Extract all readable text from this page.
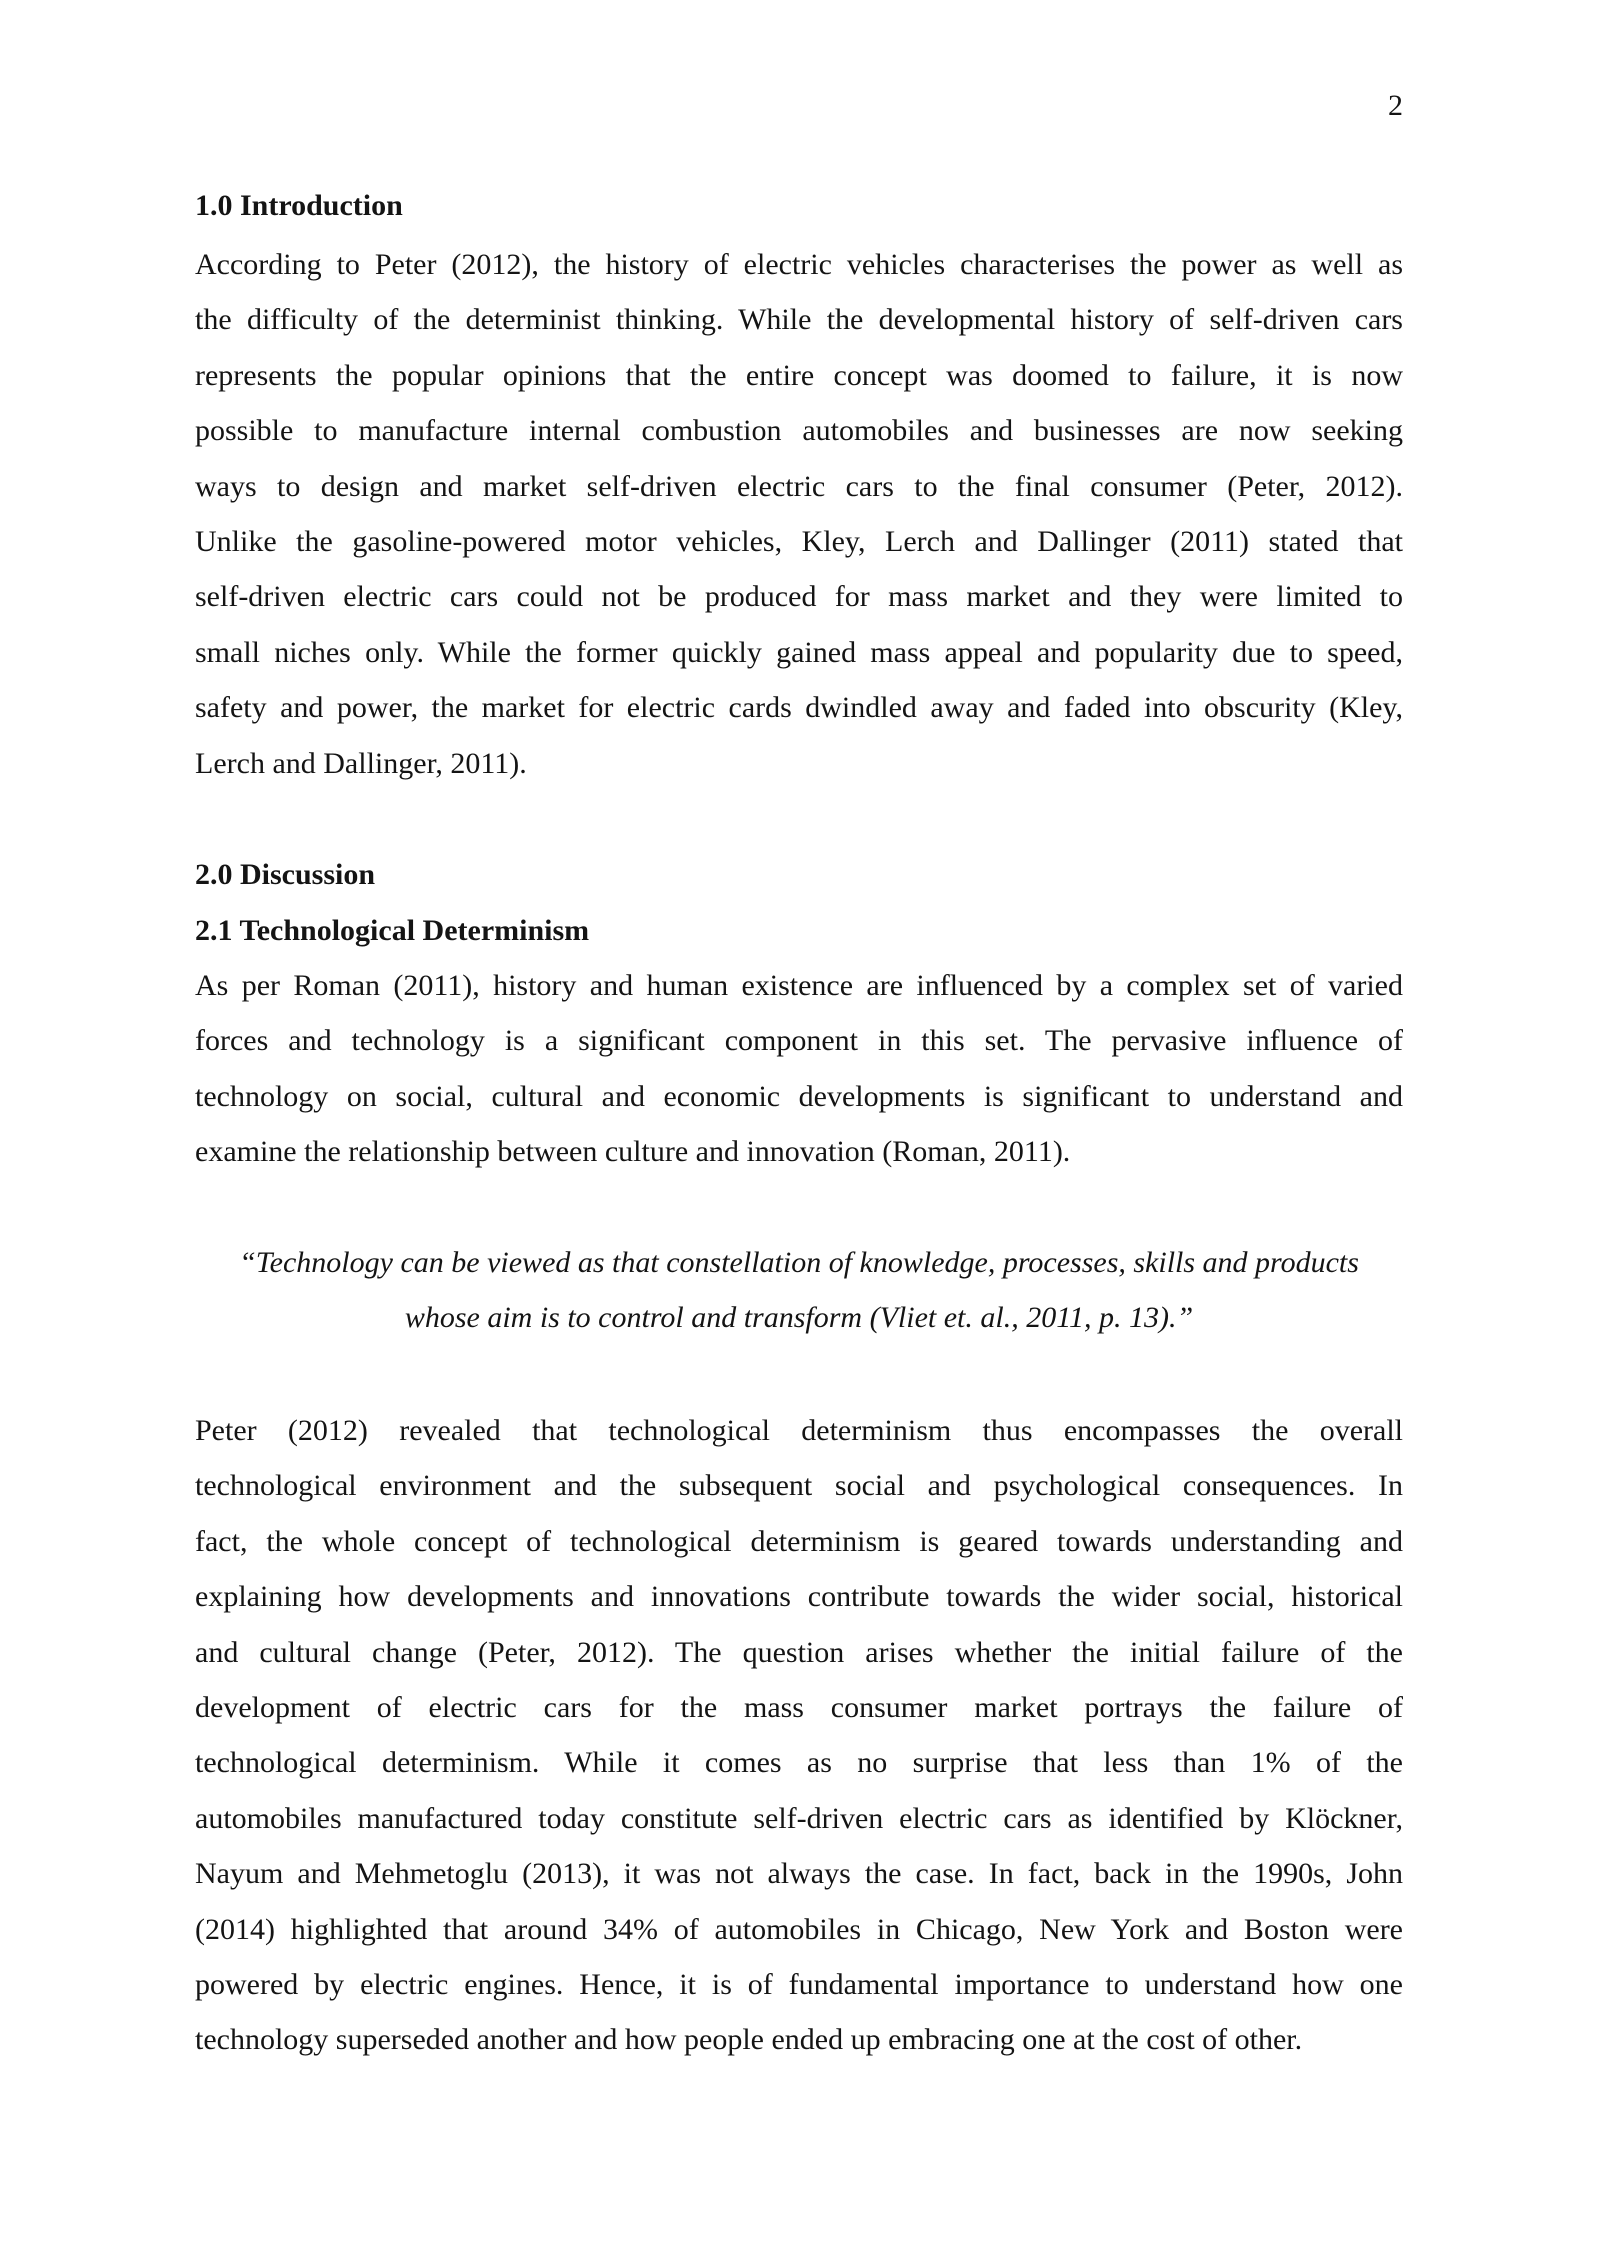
2
1.0 Introduction
According to Peter (2012), the history of electric vehicles characterises the power as well as
the difficulty of the determinist thinking. While the developmental history of self-driven cars
represents the popular opinions that the entire concept was doomed to failure, it is now
possible to manufacture internal combustion automobiles and businesses are now seeking
ways to design and market self-driven electric cars to the final consumer (Peter, 2012).
Unlike the gasoline-powered motor vehicles, Kley, Lerch and Dallinger (2011) stated that
self-driven electric cars could not be produced for mass market and they were limited to
small niches only. While the former quickly gained mass appeal and popularity due to speed,
safety and power, the market for electric cards dwindled away and faded into obscurity (Kley,
Lerch and Dallinger, 2011).
2.0 Discussion
2.1 Technological Determinism
As per Roman (2011), history and human existence are influenced by a complex set of varied
forces and technology is a significant component in this set. The pervasive influence of
technology on social, cultural and economic developments is significant to understand and
examine the relationship between culture and innovation (Roman, 2011).
“Technology can be viewed as that constellation of knowledge, processes, skills and products
whose aim is to control and transform (Vliet et. al., 2011, p. 13).”
Peter (2012) revealed that technological determinism thus encompasses the overall
technological environment and the subsequent social and psychological consequences. In
fact, the whole concept of technological determinism is geared towards understanding and
explaining how developments and innovations contribute towards the wider social, historical
and cultural change (Peter, 2012). The question arises whether the initial failure of the
development of electric cars for the mass consumer market portrays the failure of
technological determinism. While it comes as no surprise that less than 1% of the
automobiles manufactured today constitute self-driven electric cars as identified by Klöckner,
Nayum and Mehmetoglu (2013), it was not always the case. In fact, back in the 1990s, John
(2014) highlighted that around 34% of automobiles in Chicago, New York and Boston were
powered by electric engines. Hence, it is of fundamental importance to understand how one
technology superseded another and how people ended up embracing one at the cost of other.
